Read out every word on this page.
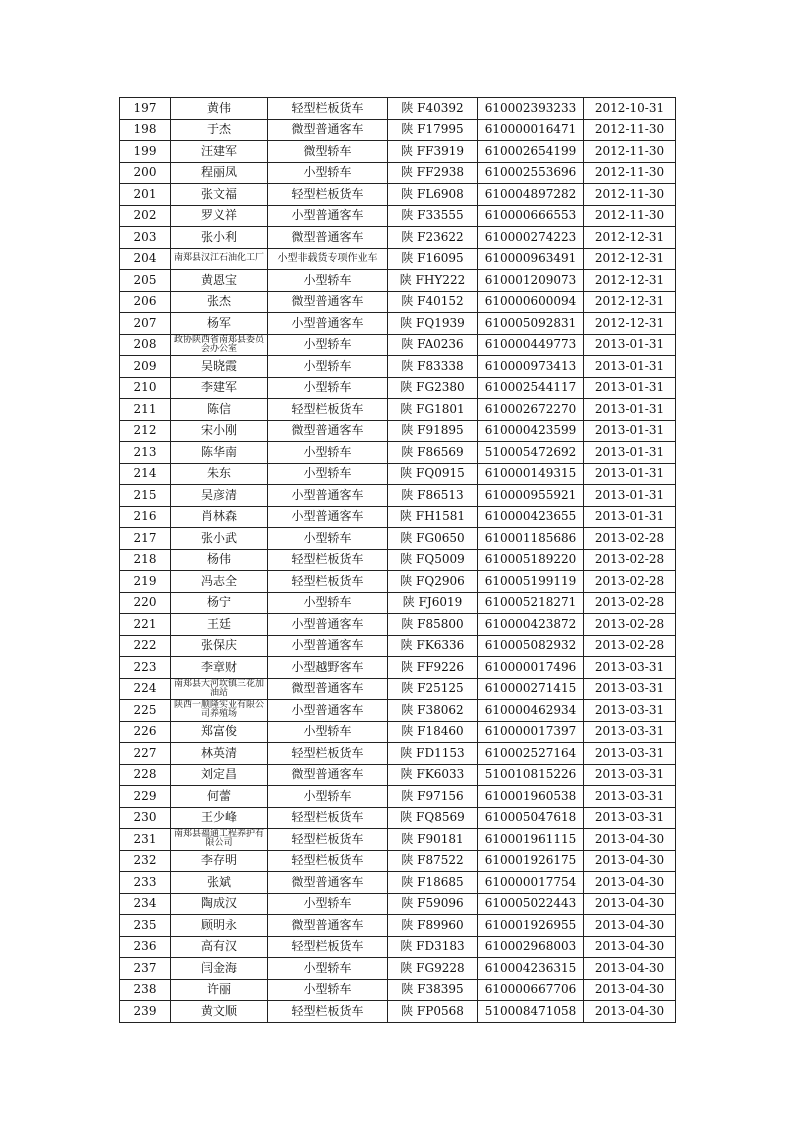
197	黄伟	轻型栏板货车	陕 F40392	610002393233	2012-10-31
198	于杰	微型普通客车	陕 F17995	610000016471	2012-11-30
199	汪建军	微型轿车	陕 FF3919	610002654199	2012-11-30
200	程丽凤	小型轿车	陕 FF2938	610002553696	2012-11-30
201	张文福	轻型栏板货车	陕 FL6908	610004897282	2012-11-30
202	罗义祥	小型普通客车	陕 F33555	610000666553	2012-11-30
203	张小利	微型普通客车	陕 F23622	610000274223	2012-12-31
204	南郑县汉江石油化工厂	小型非载货专项作业车	陕 F16095	610000963491	2012-12-31
205	黄恩宝	小型轿车	陕 FHY222	610001209073	2012-12-31
206	张杰	微型普通客车	陕 F40152	610000600094	2012-12-31
207	杨军	小型普通客车	陕 FQ1939	610005092831	2012-12-31
208	政协陕西省南郑县委员会办公室	小型轿车	陕 FA0236	610000449773	2013-01-31
209	吴晓霞	小型轿车	陕 F83338	610000973413	2013-01-31
210	李建军	小型轿车	陕 FG2380	610002544117	2013-01-31
211	陈信	轻型栏板货车	陕 FG1801	610002672270	2013-01-31
212	宋小刚	微型普通客车	陕 F91895	610000423599	2013-01-31
213	陈华南	小型轿车	陕 F86569	510005472692	2013-01-31
214	朱东	小型轿车	陕 FQ0915	610000149315	2013-01-31
215	吴彦清	小型普通客车	陕 F86513	610000955921	2013-01-31
216	肖林森	小型普通客车	陕 FH1581	610000423655	2013-01-31
217	张小武	小型轿车	陕 FG0650	610001185686	2013-02-28
218	杨伟	轻型栏板货车	陕 FQ5009	610005189220	2013-02-28
219	冯志全	轻型栏板货车	陕 FQ2906	610005199119	2013-02-28
220	杨宁	小型轿车	陕 FJ6019	610005218271	2013-02-28
221	王廷	小型普通客车	陕 F85800	610000423872	2013-02-28
222	张保庆	小型普通客车	陕 FK6336	610005082932	2013-02-28
223	李章财	小型越野客车	陕 FF9226	610000017496	2013-03-31
224	南郑县大河坎镇三花加油站	微型普通客车	陕 F25125	610000271415	2013-03-31
225	陕西一顺隆实业有限公司养殖场	小型普通客车	陕 F38062	610000462934	2013-03-31
226	郑富俊	小型轿车	陕 F18460	610000017397	2013-03-31
227	林英清	轻型栏板货车	陕 FD1153	610002527164	2013-03-31
228	刘定昌	微型普通客车	陕 FK6033	510010815226	2013-03-31
229	何蕾	小型轿车	陕 F97156	610001960538	2013-03-31
230	王少峰	轻型栏板货车	陕 FQ8569	610005047618	2013-03-31
231	南郑县福通工程养护有限公司	轻型栏板货车	陕 F90181	610001961115	2013-04-30
232	李存明	轻型栏板货车	陕 F87522	610001926175	2013-04-30
233	张斌	微型普通客车	陕 F18685	610000017754	2013-04-30
234	陶成汉	小型轿车	陕 F59096	610005022443	2013-04-30
235	顾明永	微型普通客车	陕 F89960	610001926955	2013-04-30
236	高有汉	轻型栏板货车	陕 FD3183	610002968003	2013-04-30
237	闫金海	小型轿车	陕 FG9228	610004236315	2013-04-30
238	许丽	小型轿车	陕 F38395	610000667706	2013-04-30
239	黄文顺	轻型栏板货车	陕 FP0568	510008471058	2013-04-30
